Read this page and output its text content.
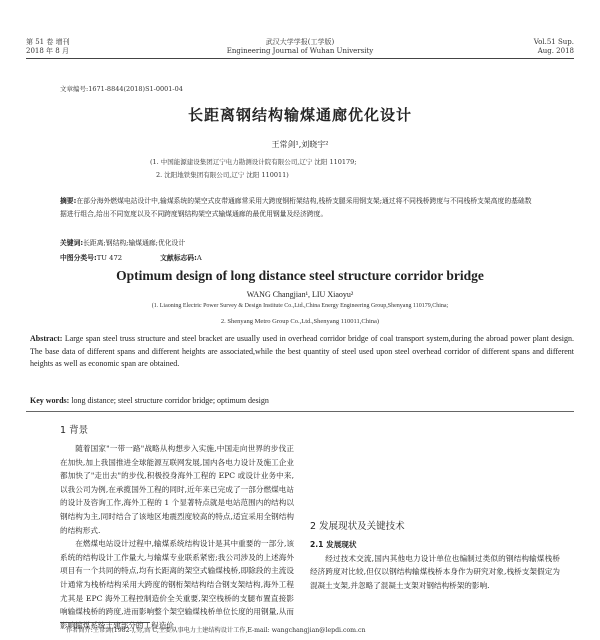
第 51 卷 增刊
2018 年 8 月
武汉大学学报(工学版)
Engineering Journal of Wuhan University
Vol.51 Sup.
Aug. 2018
文章编号:1671-8844(2018)S1-0001-04
长距离钢结构输煤通廊优化设计
王常剑¹,刘晓宇²
(1. 中国能源建设集团辽宁电力勘测设计院有限公司,辽宁 沈阳 110179;
2. 沈阳地铁集团有限公司,辽宁 沈阳 110011)
摘要:在部分海外燃煤电站设计中,输煤系统的架空式皮带通廊常采用大跨度钢桁架结构,栈桥支腿采用钢支架;通过将不同栈桥跨度与不同栈桥支架高度的基础数据进行组合,给出不同宽度以及不同跨度钢结构架空式输煤通廊的最优用钢量及经济跨度。
关键词:长距离;钢结构;输煤通廊;优化设计
中图分类号:TU 472	文献标志码:A
Optimum design of long distance steel structure corridor bridge
WANG Changjian¹, LIU Xiaoyu²
(1. Liaoning Electric Power Survey & Design Institute Co.,Ltd.,China Energy Engineering Group,Shenyang 110179,China;
2. Shenyang Metro Group Co.,Ltd.,Shenyang 110011,China)
Abstract: Large span steel truss structure and steel bracket are usually used in overhead corridor bridge of coal transport system,during the abroad power plant design. The base data of different spans and different heights are associated,while the best quantity of steel used upon steel overhead corridor of different spans and different heights as well as economic span are obtained.
Key words: long distance; steel structure corridor bridge; optimum design
1 背景

随着国家"一带一路"战略从构想步入实施,中国走向世界的步伐正在加快,加上我国推进全球能源互联网发展,国内各电力设计及施工企业都加快了"走出去"的步伐,积极投身海外工程的 EPC 或设计业务中来,以我公司为例,在承揽国外工程的同时,近年来已完成了一部分燃煤电站的设计及咨询工作,海外工程的 1 个显著特点就是电站范围内的结构以钢结构为主,同时结合了该地区地震烈度较高的特点,适宜采用全钢结构的结构形式.

在燃煤电站设计过程中,输煤系统结构设计是其中重要的一部分,该系统的结构设计工作量大,与输煤专业联系紧密;我公司涉及的上述海外项目有一个共同的特点,均有长距离的架空式输煤栈桥,即除段的主流设计通常为栈桥结构采用大跨度的钢桁架结构结合钢支架结构,海外工程尤其是 EPC 海外工程控制造价全关重要,架空栈桥的支腿布置直接影响输煤栈桥的跨度,进而影响整个架空输煤栈桥单位长度的用钢量,从而影响输煤系统土建部分的工程造价.

2 发展现状及关键技术
2.1 发展现状

经过技术交流,国内其他电力设计单位也编制过类似的钢结构输煤栈桥经济跨度对比较,但仅以钢结构输煤栈桥本身作为研究对象,栈桥支架假定为混凝土支架,并忽略了混凝土支架对钢结构桥架的影响.

作者简介:王常剑(1982-),男,高 C,主要从事电力土建结构设计工作,E-mail: wangchangjian@lepdi.com.cn
